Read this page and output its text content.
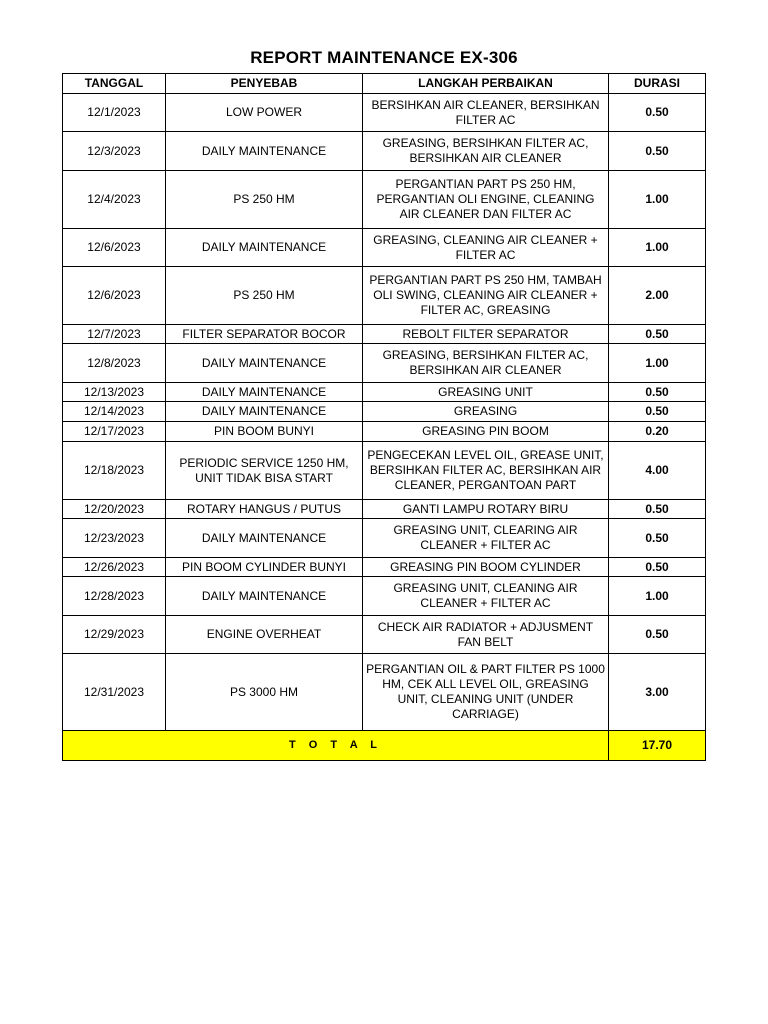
REPORT MAINTENANCE EX-306
TANGGAL	PENYEBAB	LANGKAH PERBAIKAN	DURASI
12/1/2023	LOW POWER	BERSIHKAN AIR CLEANER, BERSIHKAN FILTER AC	0.50
12/3/2023	DAILY MAINTENANCE	GREASING, BERSIHKAN FILTER AC, BERSIHKAN AIR CLEANER	0.50
12/4/2023	PS 250 HM	PERGANTIAN PART PS 250 HM, PERGANTIAN OLI ENGINE, CLEANING AIR CLEANER DAN FILTER AC	1.00
12/6/2023	DAILY MAINTENANCE	GREASING, CLEANING AIR CLEANER + FILTER AC	1.00
12/6/2023	PS 250 HM	PERGANTIAN PART PS 250 HM, TAMBAH OLI SWING, CLEANING AIR CLEANER + FILTER AC, GREASING	2.00
12/7/2023	FILTER SEPARATOR BOCOR	REBOLT FILTER SEPARATOR	0.50
12/8/2023	DAILY MAINTENANCE	GREASING, BERSIHKAN FILTER AC, BERSIHKAN AIR CLEANER	1.00
12/13/2023	DAILY MAINTENANCE	GREASING UNIT	0.50
12/14/2023	DAILY MAINTENANCE	GREASING	0.50
12/17/2023	PIN BOOM BUNYI	GREASING PIN BOOM	0.20
12/18/2023	PERIODIC SERVICE 1250 HM, UNIT TIDAK BISA START	PENGECEKAN LEVEL OIL, GREASE UNIT, BERSIHKAN FILTER AC, BERSIHKAN AIR CLEANER, PERGANTOAN PART	4.00
12/20/2023	ROTARY HANGUS / PUTUS	GANTI LAMPU ROTARY BIRU	0.50
12/23/2023	DAILY MAINTENANCE	GREASING UNIT, CLEARING AIR CLEANER + FILTER AC	0.50
12/26/2023	PIN BOOM CYLINDER BUNYI	GREASING PIN BOOM CYLINDER	0.50
12/28/2023	DAILY MAINTENANCE	GREASING UNIT, CLEANING AIR CLEANER + FILTER AC	1.00
12/29/2023	ENGINE OVERHEAT	CHECK AIR RADIATOR + ADJUSMENT FAN BELT	0.50
12/31/2023	PS 3000 HM	PERGANTIAN OIL & PART FILTER PS 1000 HM, CEK ALL LEVEL OIL, GREASING UNIT, CLEANING UNIT (UNDER CARRIAGE)	3.00
T O T A L			17.70
